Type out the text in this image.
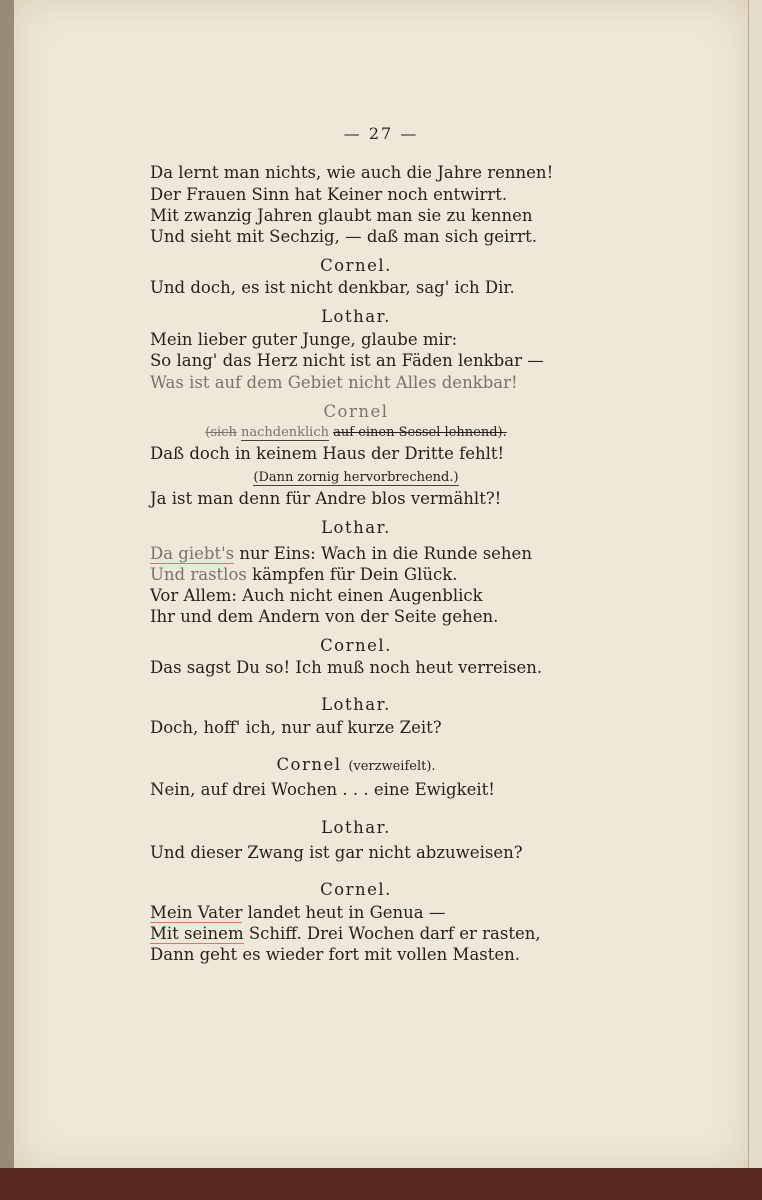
— 27 —
Da lernt man nichts, wie auch die Jahre rennen!
Der Frauen Sinn hat Keiner noch entwirrt.
Mit zwanzig Jahren glaubt man sie zu kennen
Und sieht mit Sechzig, — daß man sich geirrt.
Cornel.
Und doch, es ist nicht denkbar, sag' ich Dir.
Lothar.
Mein lieber guter Junge, glaube mir:
So lang' das Herz nicht ist an Fäden lenkbar —
Was ist auf dem Gebiet nicht Alles denkbar!
Cornel
(sich nachdenklich auf einen Sessel lehnend).
Daß doch in keinem Haus der Dritte fehlt!
(Dann zornig hervorbrechend.)
Ja ist man denn für Andre blos vermählt?!
Lothar.
Da giebt's nur Eins: Wach in die Runde sehen
Und rastlos kämpfen für Dein Glück.
Vor Allem: Auch nicht einen Augenblick
Ihr und dem Andern von der Seite gehen.
Cornel.
Das sagst Du so! Ich muß noch heut verreisen.
Lothar.
Doch, hoff' ich, nur auf kurze Zeit?
Cornel (verzweifelt).
Nein, auf drei Wochen . . . eine Ewigkeit!
Lothar.
Und dieser Zwang ist gar nicht abzuweisen?
Cornel.
Mein Vater landet heut in Genua —
Mit seinem Schiff. Drei Wochen darf er rasten,
Dann geht es wieder fort mit vollen Masten.
